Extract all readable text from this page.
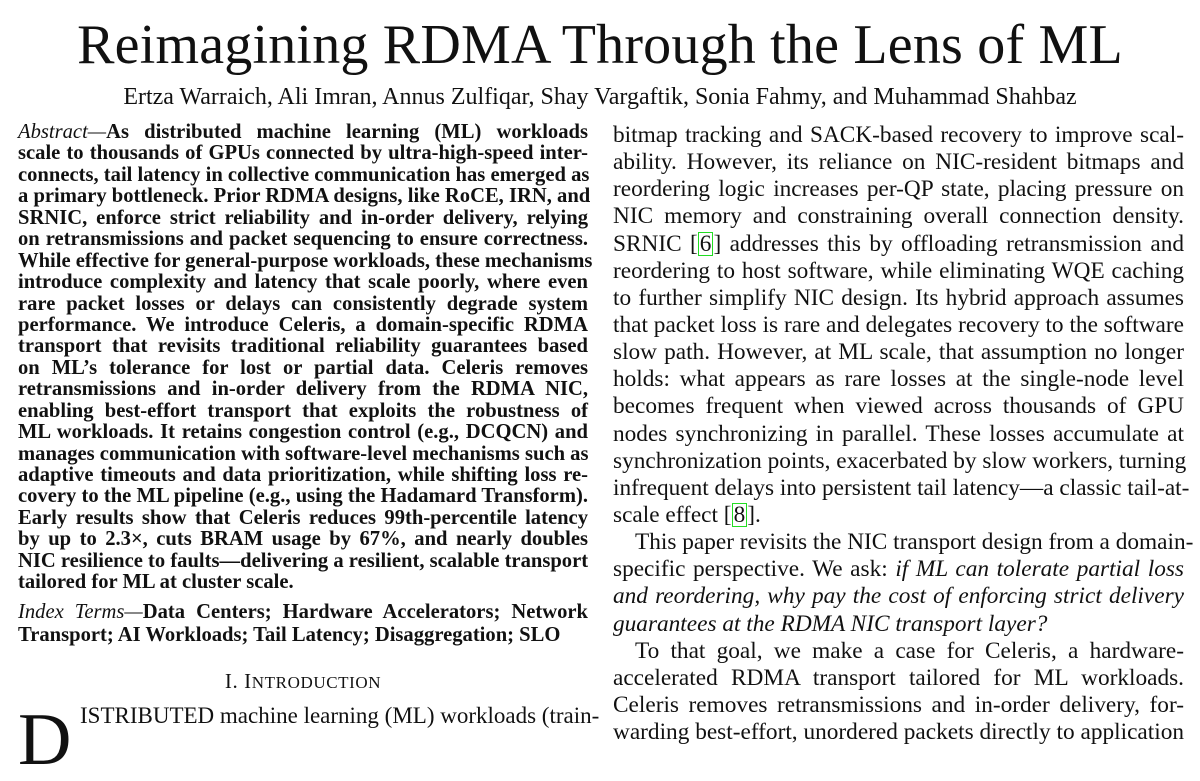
Reimagining RDMA Through the Lens of ML
Ertza Warraich, Ali Imran, Annus Zulfiqar, Shay Vargaftik, Sonia Fahmy, and Muhammad Shahbaz
Abstract—As distributed machine learning (ML) workloads
scale to thousands of GPUs connected by ultra-high-speed inter-
connects, tail latency in collective communication has emerged as
a primary bottleneck. Prior RDMA designs, like RoCE, IRN, and
SRNIC, enforce strict reliability and in-order delivery, relying
on retransmissions and packet sequencing to ensure correctness.
While effective for general-purpose workloads, these mechanisms
introduce complexity and latency that scale poorly, where even
rare packet losses or delays can consistently degrade system
performance. We introduce Celeris, a domain-specific RDMA
transport that revisits traditional reliability guarantees based
on ML’s tolerance for lost or partial data. Celeris removes
retransmissions and in-order delivery from the RDMA NIC,
enabling best-effort transport that exploits the robustness of
ML workloads. It retains congestion control (e.g., DCQCN) and
manages communication with software-level mechanisms such as
adaptive timeouts and data prioritization, while shifting loss re-
covery to the ML pipeline (e.g., using the Hadamard Transform).
Early results show that Celeris reduces 99th-percentile latency
by up to 2.3×, cuts BRAM usage by 67%, and nearly doubles
NIC resilience to faults—delivering a resilient, scalable transport
tailored for ML at cluster scale.
Index Terms—Data Centers; Hardware Accelerators; Network
Transport; AI Workloads; Tail Latency; Disaggregation; SLO
I. INTRODUCTION
D ISTRIBUTED machine learning (ML) workloads (train-
bitmap tracking and SACK-based recovery to improve scal-
ability. However, its reliance on NIC-resident bitmaps and
reordering logic increases per-QP state, placing pressure on
NIC memory and constraining overall connection density.
SRNIC [6] addresses this by offloading retransmission and
reordering to host software, while eliminating WQE caching
to further simplify NIC design. Its hybrid approach assumes
that packet loss is rare and delegates recovery to the software
slow path. However, at ML scale, that assumption no longer
holds: what appears as rare losses at the single-node level
becomes frequent when viewed across thousands of GPU
nodes synchronizing in parallel. These losses accumulate at
synchronization points, exacerbated by slow workers, turning
infrequent delays into persistent tail latency—a classic tail-at-
scale effect [8].
This paper revisits the NIC transport design from a domain-
specific perspective. We ask: if ML can tolerate partial loss
and reordering, why pay the cost of enforcing strict delivery
guarantees at the RDMA NIC transport layer?
To that goal, we make a case for Celeris, a hardware-
accelerated RDMA transport tailored for ML workloads.
Celeris removes retransmissions and in-order delivery, for-
warding best-effort, unordered packets directly to application
